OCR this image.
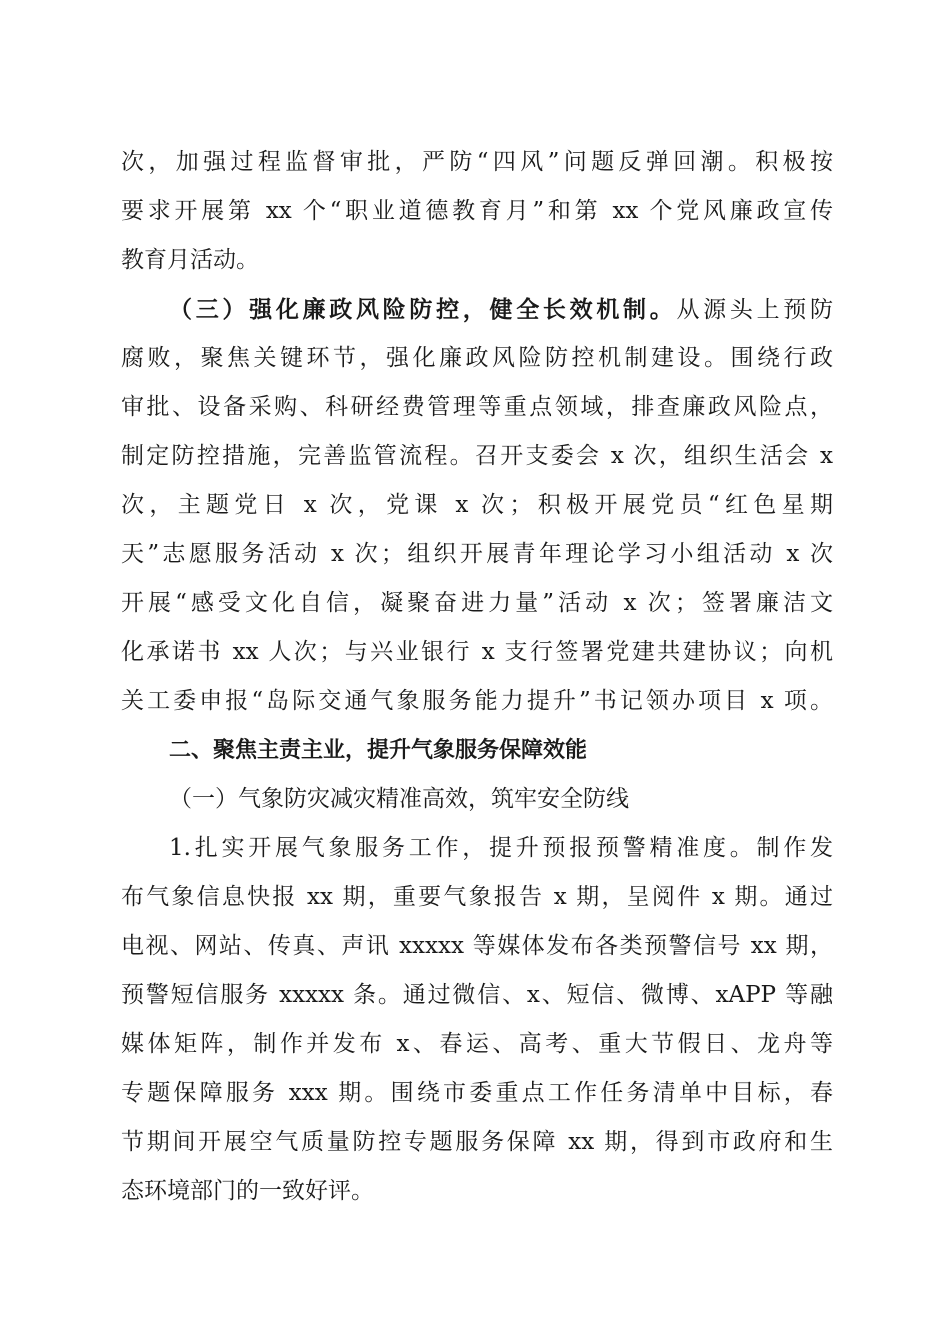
次，加强过程监督审批，严防“四风”问题反弹回潮。积极按
要求开展第 xx 个“职业道德教育月”和第 xx 个党风廉政宣传
教育月活动。
（三）强化廉政风险防控，健全长效机制。从源头上预防
腐败，聚焦关键环节，强化廉政风险防控机制建设。围绕行政
审批、设备采购、科研经费管理等重点领域，排查廉政风险点，
制定防控措施，完善监管流程。召开支委会 x 次，组织生活会 x
次，主题党日 x 次，党课 x 次；积极开展党员“红色星期
天”志愿服务活动 x 次；组织开展青年理论学习小组活动 x 次
开展“感受文化自信，凝聚奋进力量”活动 x 次；签署廉洁文
化承诺书 xx 人次；与兴业银行 x 支行签署党建共建协议；向机
关工委申报“岛际交通气象服务能力提升”书记领办项目 x 项。
二、聚焦主责主业，提升气象服务保障效能
（一）气象防灾减灾精准高效，筑牢安全防线
1.扎实开展气象服务工作，提升预报预警精准度。制作发
布气象信息快报 xx 期，重要气象报告 x 期，呈阅件 x 期。通过
电视、网站、传真、声讯 xxxxx 等媒体发布各类预警信号 xx 期，
预警短信服务 xxxxx 条。通过微信、x、短信、微博、xAPP 等融
媒体矩阵，制作并发布 x、春运、高考、重大节假日、龙舟等
专题保障服务 xxx 期。围绕市委重点工作任务清单中目标，春
节期间开展空气质量防控专题服务保障 xx 期，得到市政府和生
态环境部门的一致好评。
